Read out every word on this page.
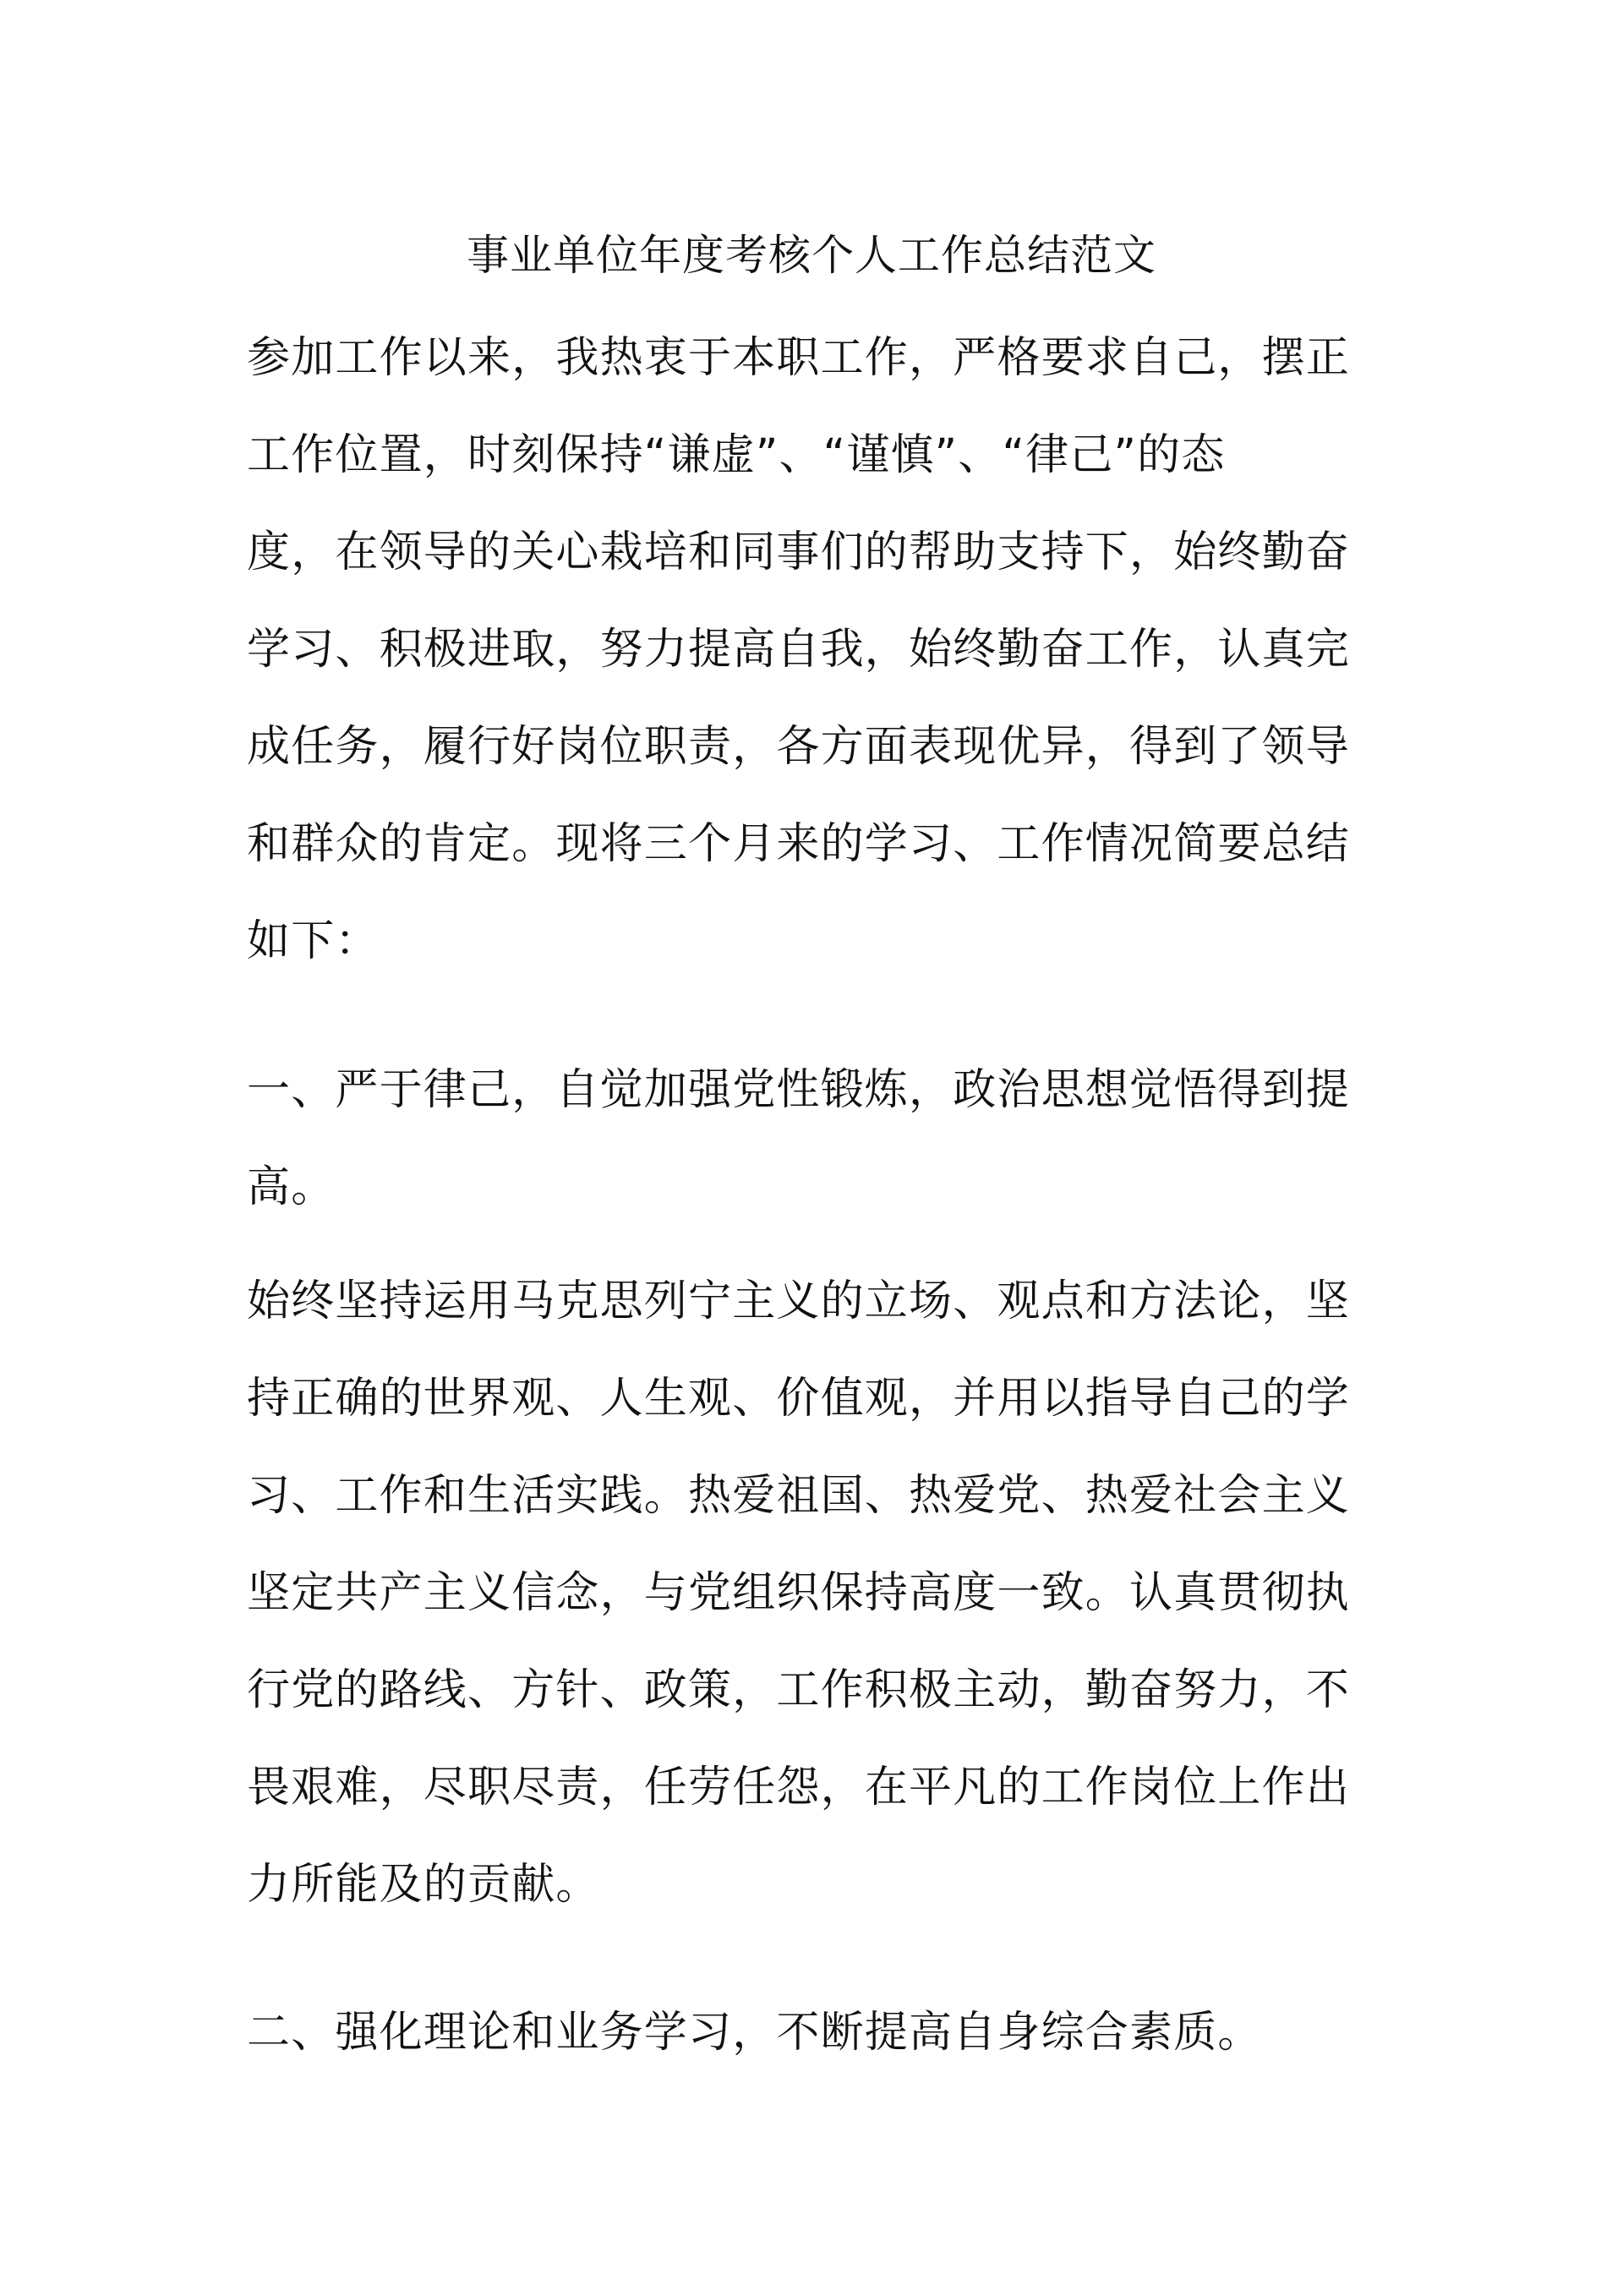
事业单位年度考核个人工作总结范文
参加工作以来，我热衷于本职工作，严格要求自己，摆正
工作位置，时刻保持“谦虚”、“谨慎”、“律己”的态
度，在领导的关心栽培和同事们的帮助支持下，始终勤奋
学习、积极进取，努力提高自我，始终勤奋工作，认真完
成任务，履行好岗位职责，各方面表现优异，得到了领导
和群众的肯定。现将三个月来的学习、工作情况简要总结
如下：
一、严于律己，自觉加强党性锻炼，政治思想觉悟得到提
高。
始终坚持运用马克思列宁主义的立场、观点和方法论，坚
持正确的世界观、人生观、价值观，并用以指导自己的学
习、工作和生活实践。热爱祖国、热爱党、热爱社会主义
坚定共产主义信念，与党组织保持高度一致。认真贯彻执
行党的路线、方针、政策，工作积极主动，勤奋努力，不
畏艰难，尽职尽责，任劳任怨，在平凡的工作岗位上作出
力所能及的贡献。
二、强化理论和业务学习，不断提高自身综合素质。
